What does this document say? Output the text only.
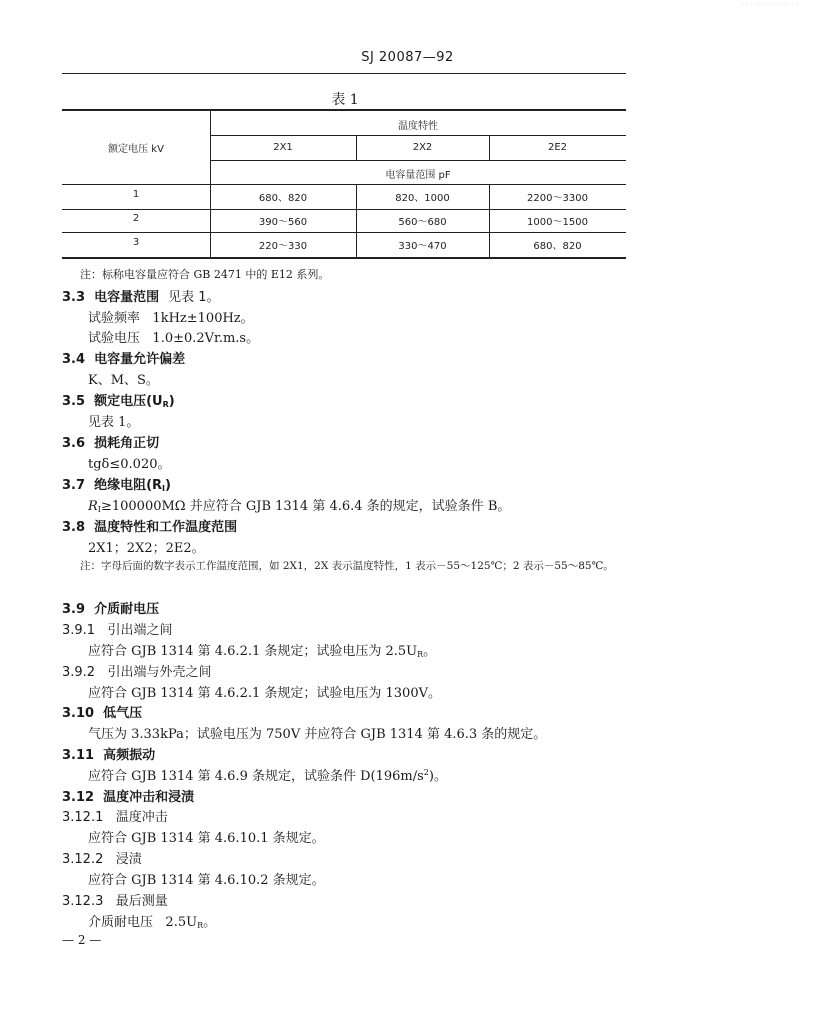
· · · · · · · · · · · · · ·
SJ 20087—92
表 1
额定电压 kV
温度特性
2X1	2X2	2E2
电容量范围 pF
1	680、820	820、1000	2200～3300
2	390～560	560～680	1000～1500
3	220～330	330～470	680、820
注：标称电容量应符合 GB 2471 中的 E12 系列。
3.3 电容量范围 见表 1。
试验频率 1kHz±100Hz。
试验电压 1.0±0.2Vr.m.s。
3.4 电容量允许偏差
K、M、S。
3.5 额定电压$(U_R)$
见表 1。
3.6 损耗角正切
tgδ≤0.020。
3.7 绝缘电阻$(R_I)$
$R_I\ge 100000M\Omega$ 并应符合 GJB 1314 第 4.6.4 条的规定，试验条件 B。
3.8 温度特性和工作温度范围
2X1；2X2；2E2。
注：字母后面的数字表示工作温度范围，如 2X1，2X 表示温度特性，1 表示－55～125℃；2 表示－55～85℃。
3.9 介质耐电压
3.9.1 引出端之间
应符合 GJB 1314 第 4.6.2.1 条规定；试验电压为 $2.5U_R$。
3.9.2 引出端与外壳之间
应符合 GJB 1314 第 4.6.2.1 条规定；试验电压为 1300V。
3.10 低气压
气压为 3.33kPa；试验电压为 750V 并应符合 GJB 1314 第 4.6.3 条的规定。
3.11 高频振动
应符合 GJB 1314 第 4.6.9 条规定，试验条件 $D(196m/s^2)$。
3.12 温度冲击和浸渍
3.12.1 温度冲击
应符合 GJB 1314 第 4.6.10.1 条规定。
3.12.2 浸渍
应符合 GJB 1314 第 4.6.10.2 条规定。
3.12.3 最后测量
介质耐电压 $2.5U_R$。
— 2 —
